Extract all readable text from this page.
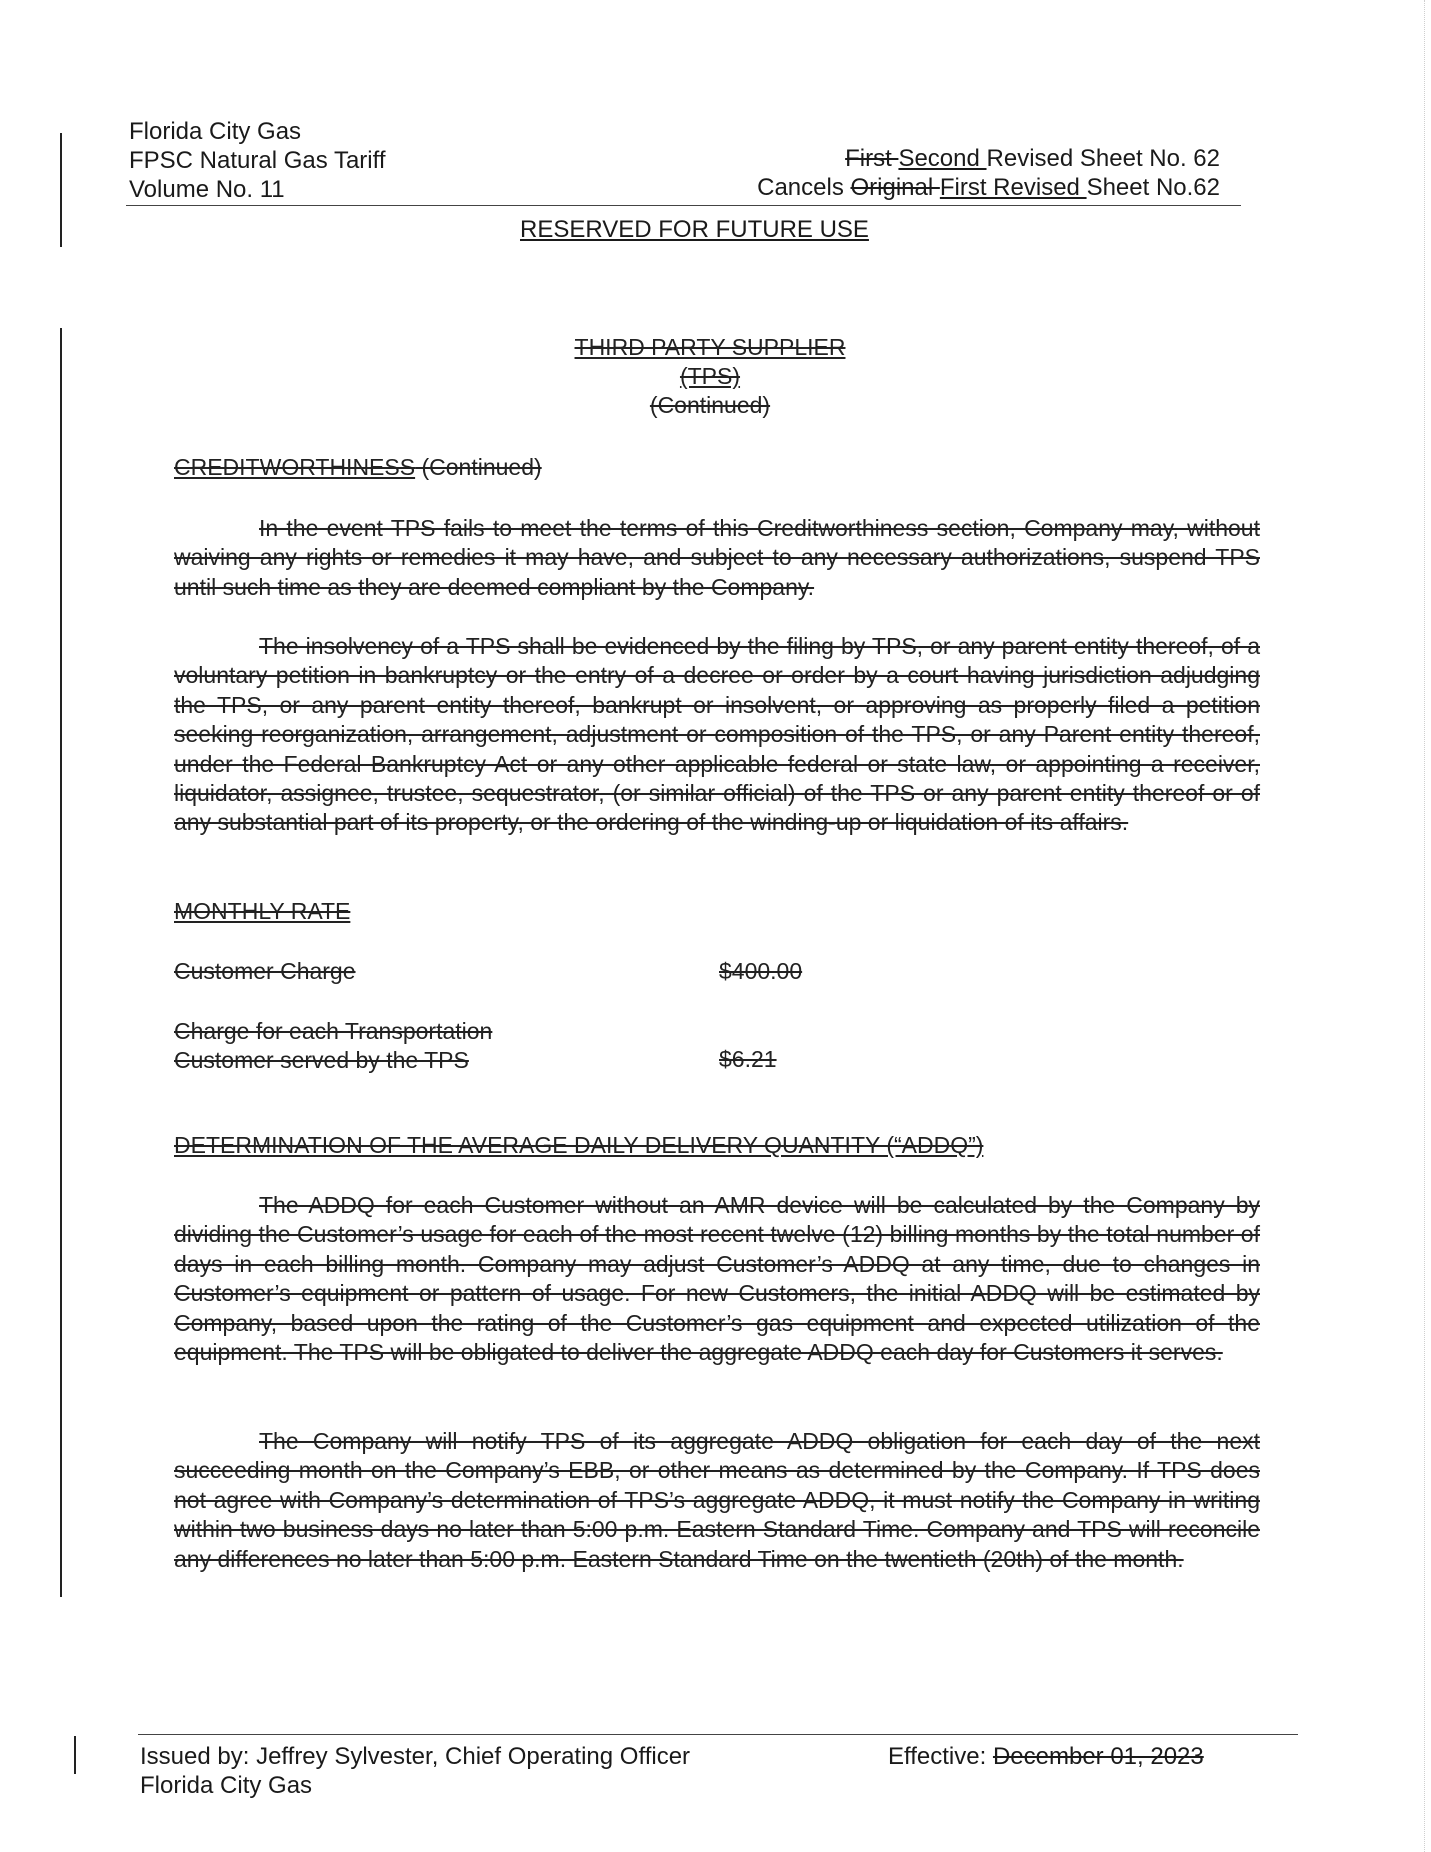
Florida City Gas
FPSC Natural Gas Tariff
Volume No. 11
First Second Revised Sheet No. 62
Cancels Original First Revised Sheet No.62
RESERVED FOR FUTURE USE
THIRD PARTY SUPPLIER
(TPS)
(Continued)
CREDITWORTHINESS (Continued)
In the event TPS fails to meet the terms of this Creditworthiness section, Company may, without waiving any rights or remedies it may have, and subject to any necessary authorizations, suspend TPS until such time as they are deemed compliant by the Company.
The insolvency of a TPS shall be evidenced by the filing by TPS, or any parent entity thereof, of a voluntary petition in bankruptcy or the entry of a decree or order by a court having jurisdiction adjudging the TPS, or any parent entity thereof, bankrupt or insolvent, or approving as properly filed a petition seeking reorganization, arrangement, adjustment or composition of the TPS, or any Parent entity thereof, under the Federal Bankruptcy Act or any other applicable federal or state law, or appointing a receiver, liquidator, assignee, trustee, sequestrator, (or similar official) of the TPS or any parent entity thereof or of any substantial part of its property, or the ordering of the winding-up or liquidation of its affairs.
MONTHLY RATE
Customer Charge	$400.00
Charge for each Transportation
Customer served by the TPS	$6.21
DETERMINATION OF THE AVERAGE DAILY DELIVERY QUANTITY (“ADDQ”)
The ADDQ for each Customer without an AMR device will be calculated by the Company by dividing the Customer’s usage for each of the most recent twelve (12) billing months by the total number of days in each billing month. Company may adjust Customer’s ADDQ at any time, due to changes in Customer’s equipment or pattern of usage. For new Customers, the initial ADDQ will be estimated by Company, based upon the rating of the Customer’s gas equipment and expected utilization of the equipment. The TPS will be obligated to deliver the aggregate ADDQ each day for Customers it serves.
The Company will notify TPS of its aggregate ADDQ obligation for each day of the next succeeding month on the Company’s EBB, or other means as determined by the Company. If TPS does not agree with Company’s determination of TPS’s aggregate ADDQ, it must notify the Company in writing within two business days no later than 5:00 p.m. Eastern Standard Time. Company and TPS will reconcile any differences no later than 5:00 p.m. Eastern Standard Time on the twentieth (20th) of the month.
Issued by: Jeffrey Sylvester, Chief Operating Officer
Florida City Gas
Effective: December 01, 2023
